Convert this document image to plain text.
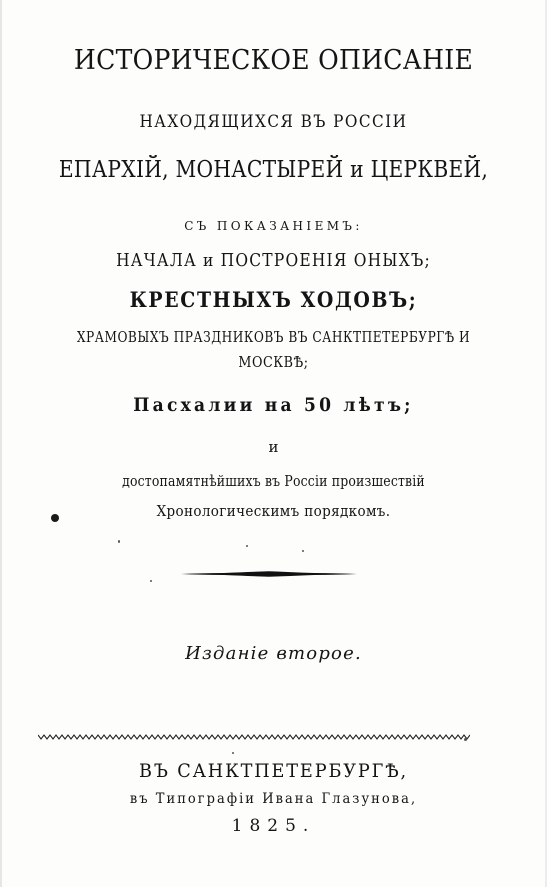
ИСТОРИЧЕСКОЕ ОПИСАНІЕ
НАХОДЯЩИХСЯ ВЪ РОССІИ
ЕПАРХІЙ, МОНАСТЫРЕЙ и ЦЕРКВЕЙ,
СЪ ПОКАЗАНІЕМЪ:
НАЧАЛА и ПОСТРОЕНІЯ ОНЫХЪ;
КРЕСТНЫХЪ ХОДОВЪ;
ХРАМОВЫХЪ ПРАЗДНИКОВЪ ВЪ САНКТПЕТЕРБУРГѢ И
МОСКВѢ;
Пасхалии на 50 лѣтъ;
и
достопамятнѣйшихъ въ Россіи произшествій
Хронологическимъ порядкомъ.
Изданіе второе.
ВЪ САНКТПЕТЕРБУРГѢ,
въ Типографіи Ивана Глазунова,
1825.
